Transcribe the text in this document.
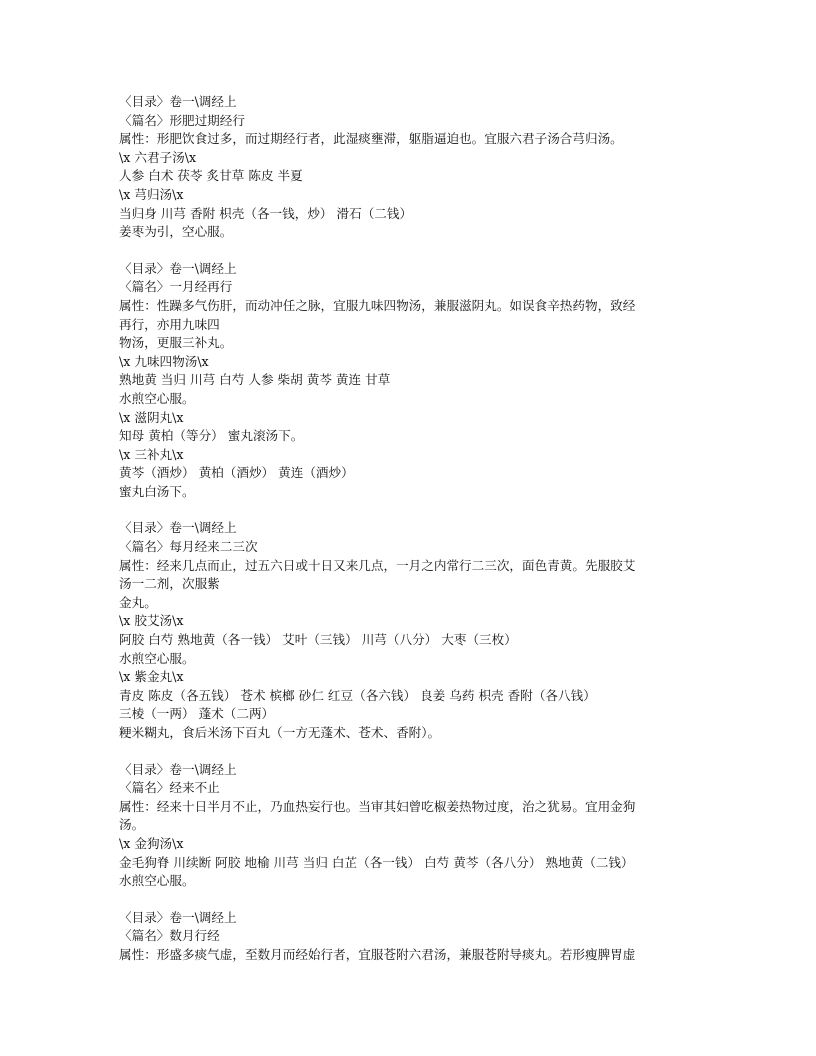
〈目录〉卷一\调经上
〈篇名〉形肥过期经行
属性：形肥饮食过多，而过期经行者，此湿痰壅滞，躯脂逼迫也。宜服六君子汤合芎归汤。
\x 六君子汤\x
人参 白术 茯苓 炙甘草 陈皮 半夏
\x 芎归汤\x
当归身 川芎 香附 枳壳（各一钱，炒） 滑石（二钱）
姜枣为引，空心服。
〈目录〉卷一\调经上
〈篇名〉一月经再行
属性：性躁多气伤肝，而动冲任之脉，宜服九味四物汤，兼服滋阴丸。如误食辛热药物，致经
再行，亦用九味四
物汤，更服三补丸。
\x 九味四物汤\x
熟地黄 当归 川芎 白芍 人参 柴胡 黄芩 黄连 甘草
水煎空心服。
\x 滋阴丸\x
知母 黄柏（等分） 蜜丸滚汤下。
\x 三补丸\x
黄芩（酒炒） 黄柏（酒炒） 黄连（酒炒）
蜜丸白汤下。
〈目录〉卷一\调经上
〈篇名〉每月经来二三次
属性：经来几点而止，过五六日或十日又来几点，一月之内常行二三次，面色青黄。先服胶艾
汤一二剂，次服紫
金丸。
\x 胶艾汤\x
阿胶 白芍 熟地黄（各一钱） 艾叶（三钱） 川芎（八分） 大枣（三枚）
水煎空心服。
\x 紫金丸\x
青皮 陈皮（各五钱） 苍术 槟榔 砂仁 红豆（各六钱） 良姜 乌药 枳壳 香附（各八钱）
三棱（一两） 蓬术（二两）
粳米糊丸，食后米汤下百丸（一方无蓬术、苍术、香附）。
〈目录〉卷一\调经上
〈篇名〉经来不止
属性：经来十日半月不止，乃血热妄行也。当审其妇曾吃椒姜热物过度，治之犹易。宜用金狗
汤。
\x 金狗汤\x
金毛狗脊 川续断 阿胶 地榆 川芎 当归 白芷（各一钱） 白芍 黄芩（各八分） 熟地黄（二钱）
水煎空心服。
〈目录〉卷一\调经上
〈篇名〉数月行经
属性：形盛多痰气虚，至数月而经始行者，宜服苍附六君汤，兼服苍附导痰丸。若形瘦脾胃虚
